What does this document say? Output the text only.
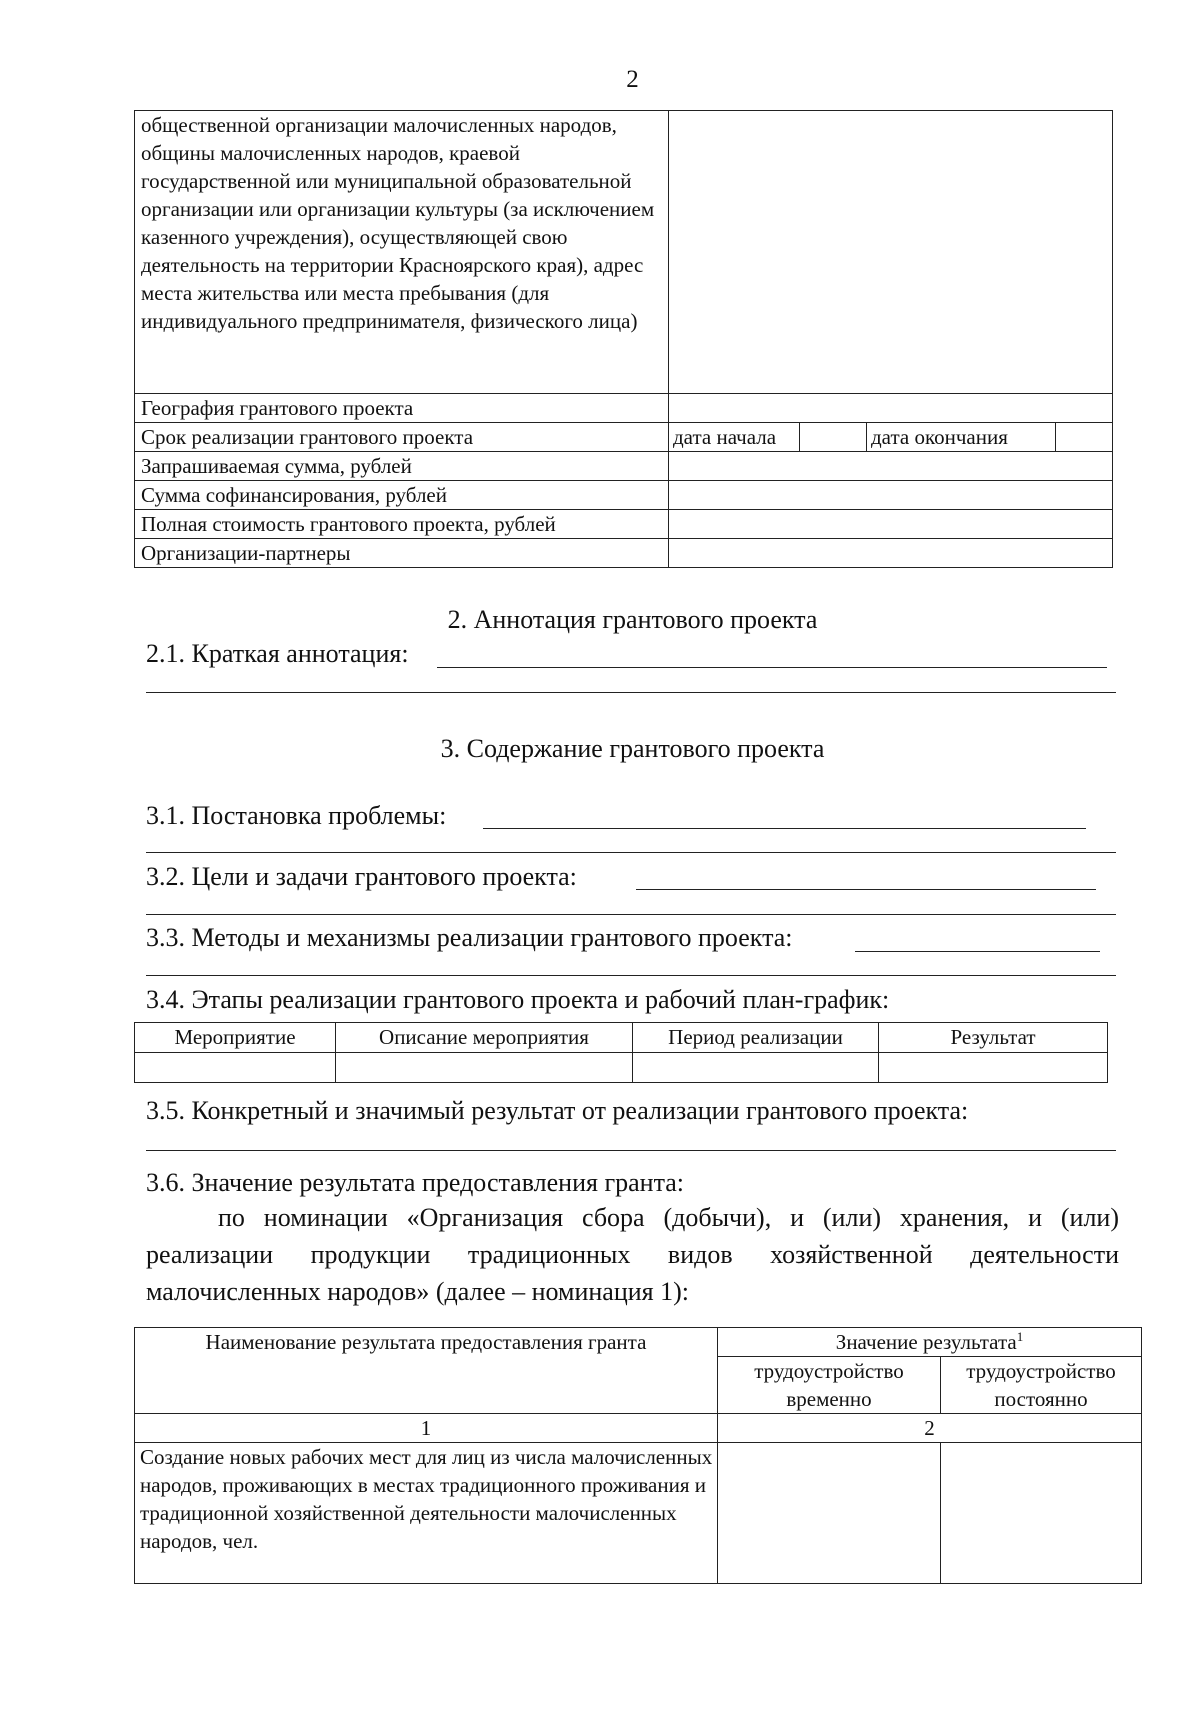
2
общественной организации малочисленных народов, общины малочисленных народов, краевой государственной или муниципальной образовательной организации или организации культуры (за исключением казенного учреждения), осуществляющей свою деятельность на территории Красноярского края), адрес места жительства или места пребывания (для индивидуального предпринимателя, физического лица)	
География грантового проекта	
Срок реализации грантового проекта	дата начала дата окончания

Запрашиваемая сумма, рублей	
Сумма софинансирования, рублей	
Полная стоимость грантового проекта, рублей	
Организации-партнеры	
2. Аннотация грантового проекта
2.1. Краткая аннотация:
3. Содержание грантового проекта
3.1. Постановка проблемы:
3.2. Цели и задачи грантового проекта:
3.3. Методы и механизмы реализации грантового проекта:
3.4. Этапы реализации грантового проекта и рабочий план-график:
Мероприятие	Описание мероприятия	Период реализации	Результат

3.5. Конкретный и значимый результат от реализации грантового проекта:
3.6. Значение результата предоставления гранта:
по номинации «Организация сбора (добычи), и (или) хранения, и (или) реализации продукции традиционных видов хозяйственной деятельности малочисленных народов» (далее – номинация 1):
Наименование результата предоставления гранта	Значение результата$^1$
	трудоустройство временно	трудоустройство постоянно
1	2	
Создание новых рабочих мест для лиц из числа малочисленных народов, проживающих в местах традиционного проживания и традиционной хозяйственной деятельности малочисленных народов, чел.		
